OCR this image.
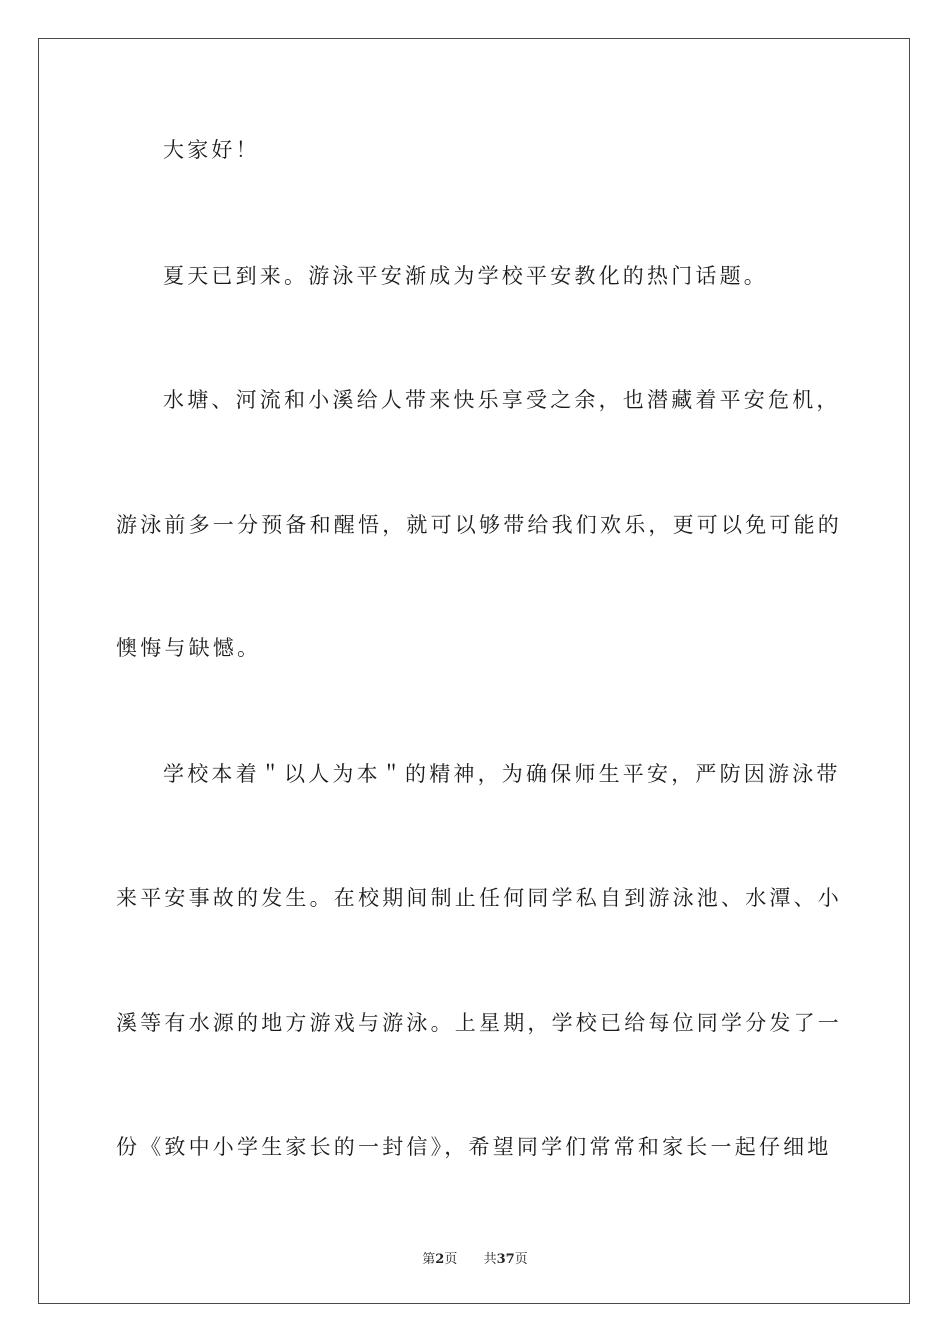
大家好！

夏天已到来。游泳平安渐成为学校平安教化的热门话题。

水塘、河流和小溪给人带来快乐享受之余，也潜藏着平安危机，

游泳前多一分预备和醒悟，就可以够带给我们欢乐，更可以免可能的

懊悔与缺憾。

学校本着＂以人为本＂的精神，为确保师生平安，严防因游泳带

来平安事故的发生。在校期间制止任何同学私自到游泳池、水潭、小

溪等有水源的地方游戏与游泳。上星期，学校已给每位同学分发了一

份《致中小学生家长的一封信》，希望同学们常常和家长一起仔细地

第2页 共37页
